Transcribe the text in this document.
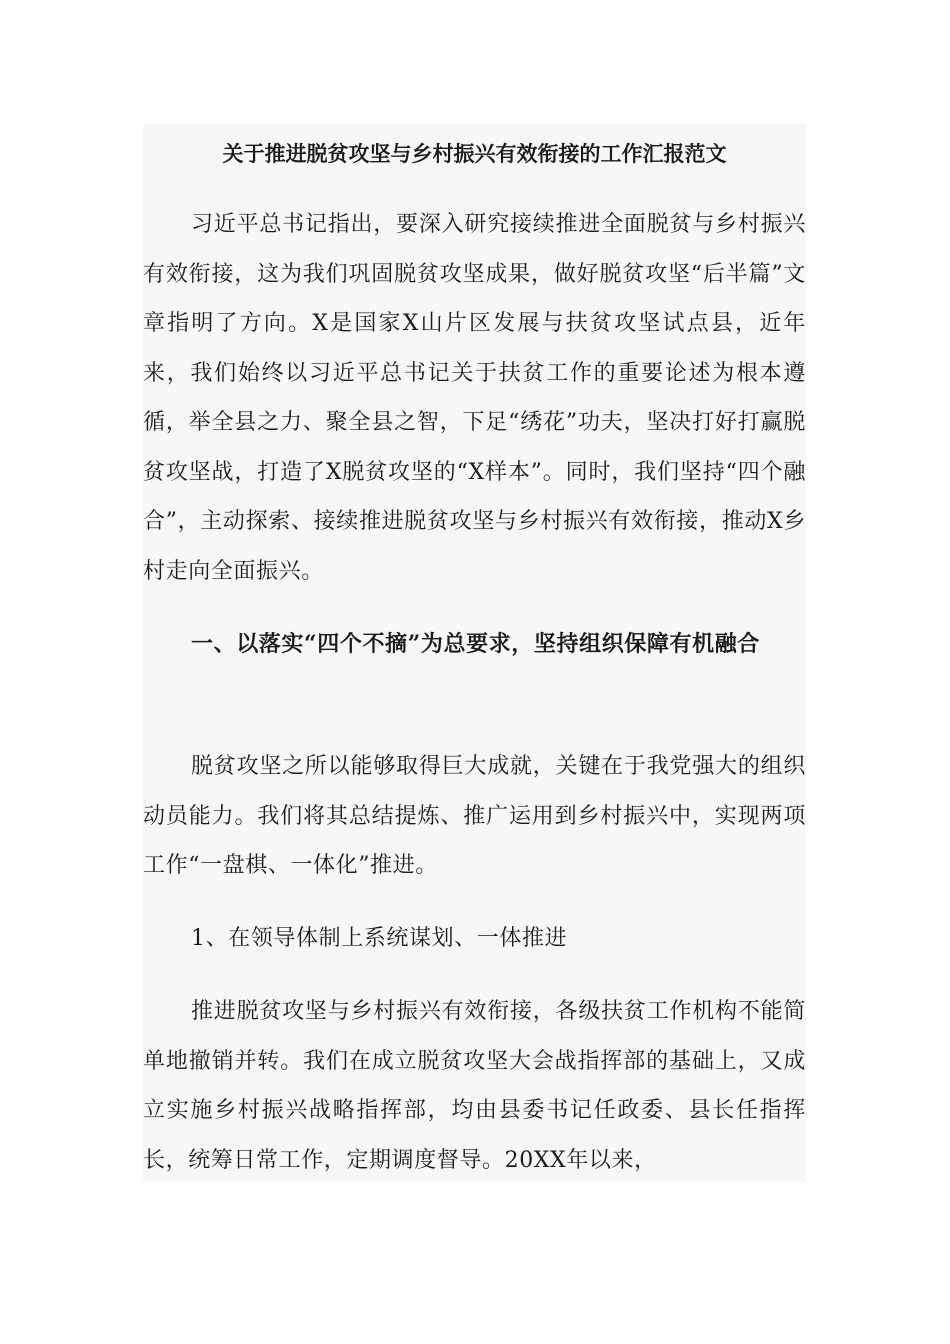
关于推进脱贫攻坚与乡村振兴有效衔接的工作汇报范文

习近平总书记指出，要深入研究接续推进全面脱贫与乡村振兴有效衔接，这为我们巩固脱贫攻坚成果，做好脱贫攻坚“后半篇”文章指明了方向。X是国家X山片区发展与扶贫攻坚试点县，近年来，我们始终以习近平总书记关于扶贫工作的重要论述为根本遵循，举全县之力、聚全县之智，下足“绣花”功夫，坚决打好打赢脱贫攻坚战，打造了X脱贫攻坚的“X样本”。同时，我们坚持“四个融合”，主动探索、接续推进脱贫攻坚与乡村振兴有效衔接，推动X乡村走向全面振兴。

一、以落实“四个不摘”为总要求，坚持组织保障有机融合

脱贫攻坚之所以能够取得巨大成就，关键在于我党强大的组织动员能力。我们将其总结提炼、推广运用到乡村振兴中，实现两项工作“一盘棋、一体化”推进。

1、在领导体制上系统谋划、一体推进

推进脱贫攻坚与乡村振兴有效衔接，各级扶贫工作机构不能简单地撤销并转。我们在成立脱贫攻坚大会战指挥部的基础上，又成立实施乡村振兴战略指挥部，均由县委书记任政委、县长任指挥长，统筹日常工作，定期调度督导。20XX年以来，
